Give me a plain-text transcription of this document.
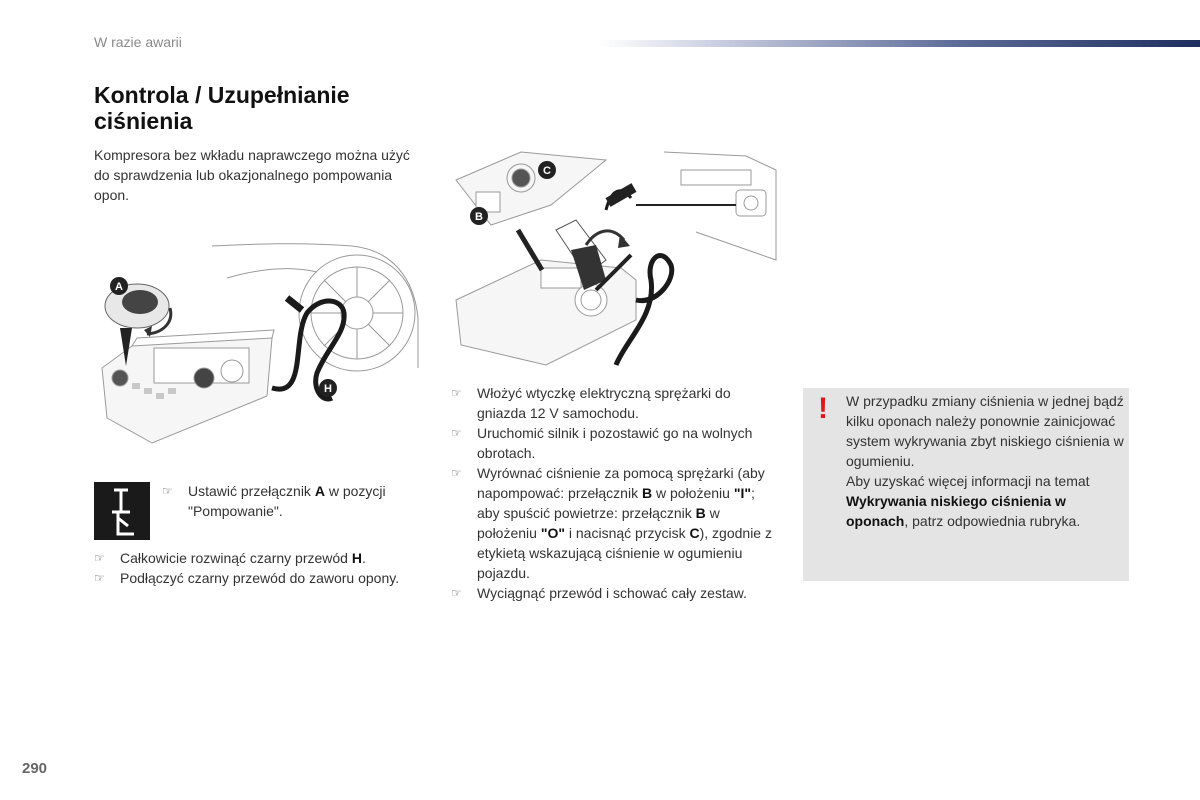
W razie awarii
Kontrola / Uzupełnianie ciśnienia
Kompresora bez wkładu naprawczego można użyć do sprawdzenia lub okazjonalnego pompowania opon.
A
H
B
C
☞ Ustawić przełącznik A w pozycji "Pompowanie".
☞ Całkowicie rozwinąć czarny przewód H.
☞ Podłączyć czarny przewód do zaworu opony.
☞ Włożyć wtyczkę elektryczną sprężarki do gniazda 12 V samochodu.
☞ Uruchomić silnik i pozostawić go na wolnych obrotach.
☞ Wyrównać ciśnienie za pomocą sprężarki (aby napompować: przełącznik B w położeniu "I"; aby spuścić powietrze: przełącznik B w położeniu "O" i nacisnąć przycisk C), zgodnie z etykietą wskazującą ciśnienie w ogumieniu pojazdu.
☞ Wyciągnąć przewód i schować cały zestaw.
! W przypadku zmiany ciśnienia w jednej bądź kilku oponach należy ponownie zainicjować system wykrywania zbyt niskiego ciśnienia w ogumieniu.
Aby uzyskać więcej informacji na temat Wykrywania niskiego ciśnienia w oponach, patrz odpowiednia rubryka.
290
